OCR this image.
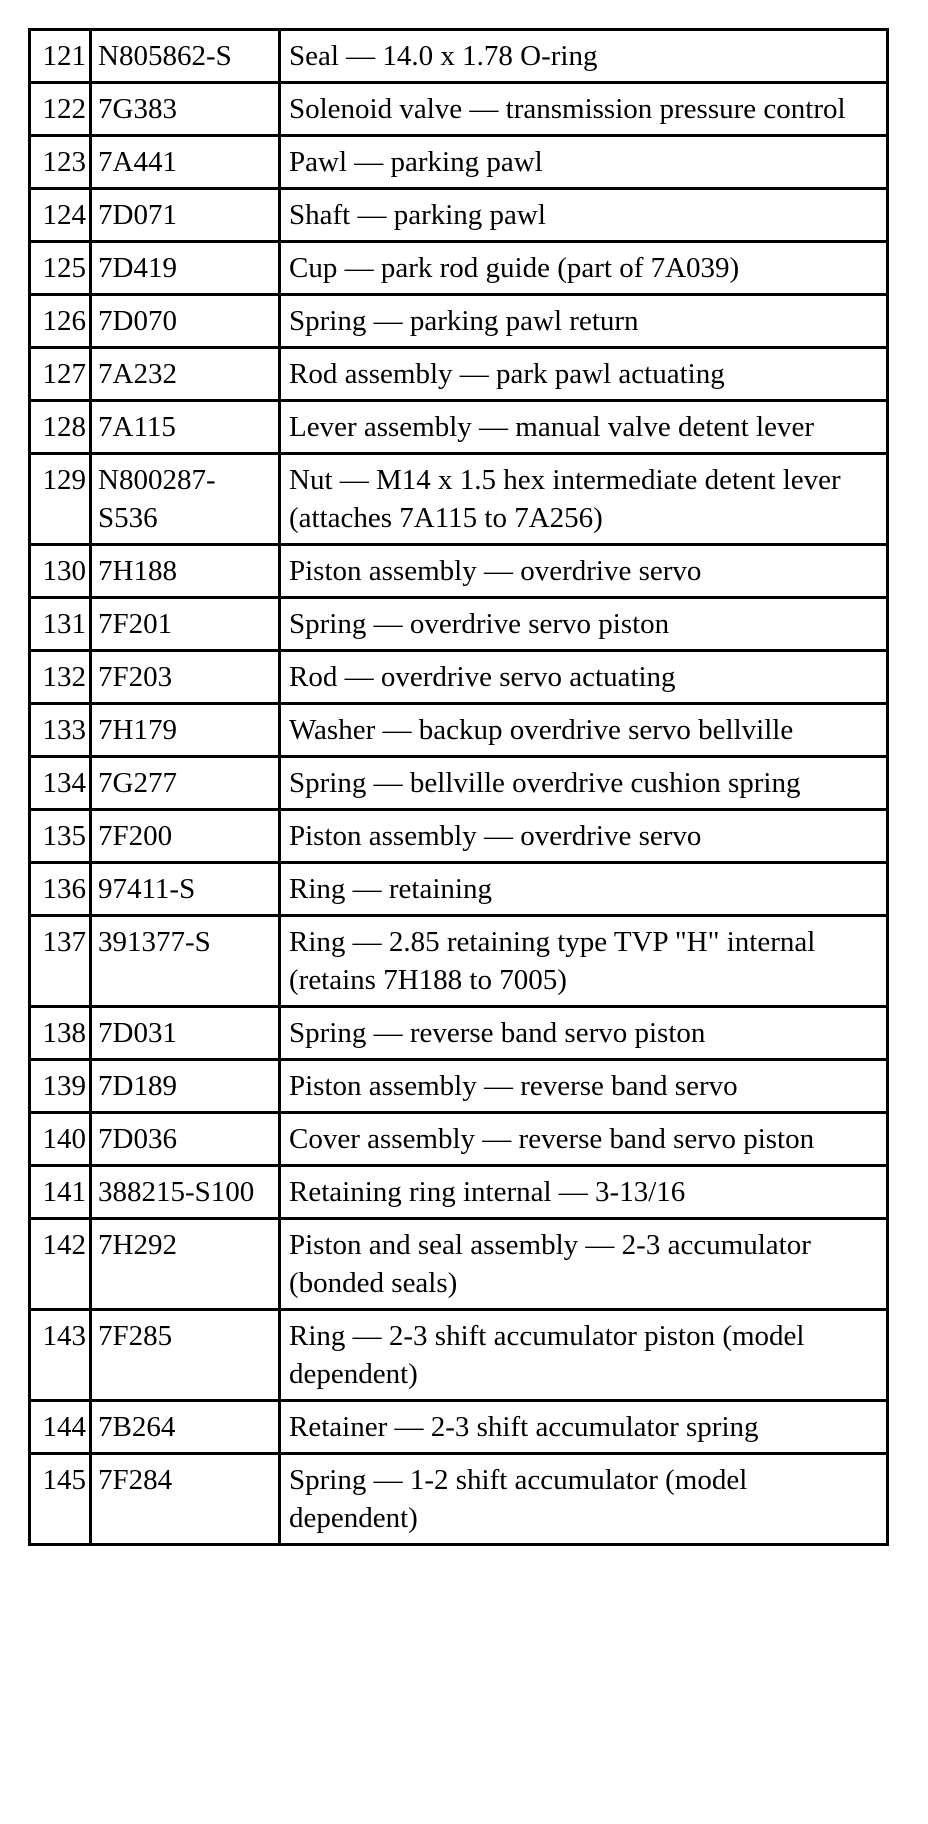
121	N805862-S	Seal — 14.0 x 1.78 O-ring
122	7G383	Solenoid valve — transmission pressure control
123	7A441	Pawl — parking pawl
124	7D071	Shaft — parking pawl
125	7D419	Cup — park rod guide (part of 7A039)
126	7D070	Spring — parking pawl return
127	7A232	Rod assembly — park pawl actuating
128	7A115	Lever assembly — manual valve detent lever
129	N800287-S536	Nut — M14 x 1.5 hex intermediate detent lever (attaches 7A115 to 7A256)
130	7H188	Piston assembly — overdrive servo
131	7F201	Spring — overdrive servo piston
132	7F203	Rod — overdrive servo actuating
133	7H179	Washer — backup overdrive servo bellville
134	7G277	Spring — bellville overdrive cushion spring
135	7F200	Piston assembly — overdrive servo
136	97411-S	Ring — retaining
137	391377-S	Ring — 2.85 retaining type TVP "H" internal (retains 7H188 to 7005)
138	7D031	Spring — reverse band servo piston
139	7D189	Piston assembly — reverse band servo
140	7D036	Cover assembly — reverse band servo piston
141	388215-S100	Retaining ring internal — 3-13/16
142	7H292	Piston and seal assembly — 2-3 accumulator (bonded seals)
143	7F285	Ring — 2-3 shift accumulator piston (model dependent)
144	7B264	Retainer — 2-3 shift accumulator spring
145	7F284	Spring — 1-2 shift accumulator (model dependent)
